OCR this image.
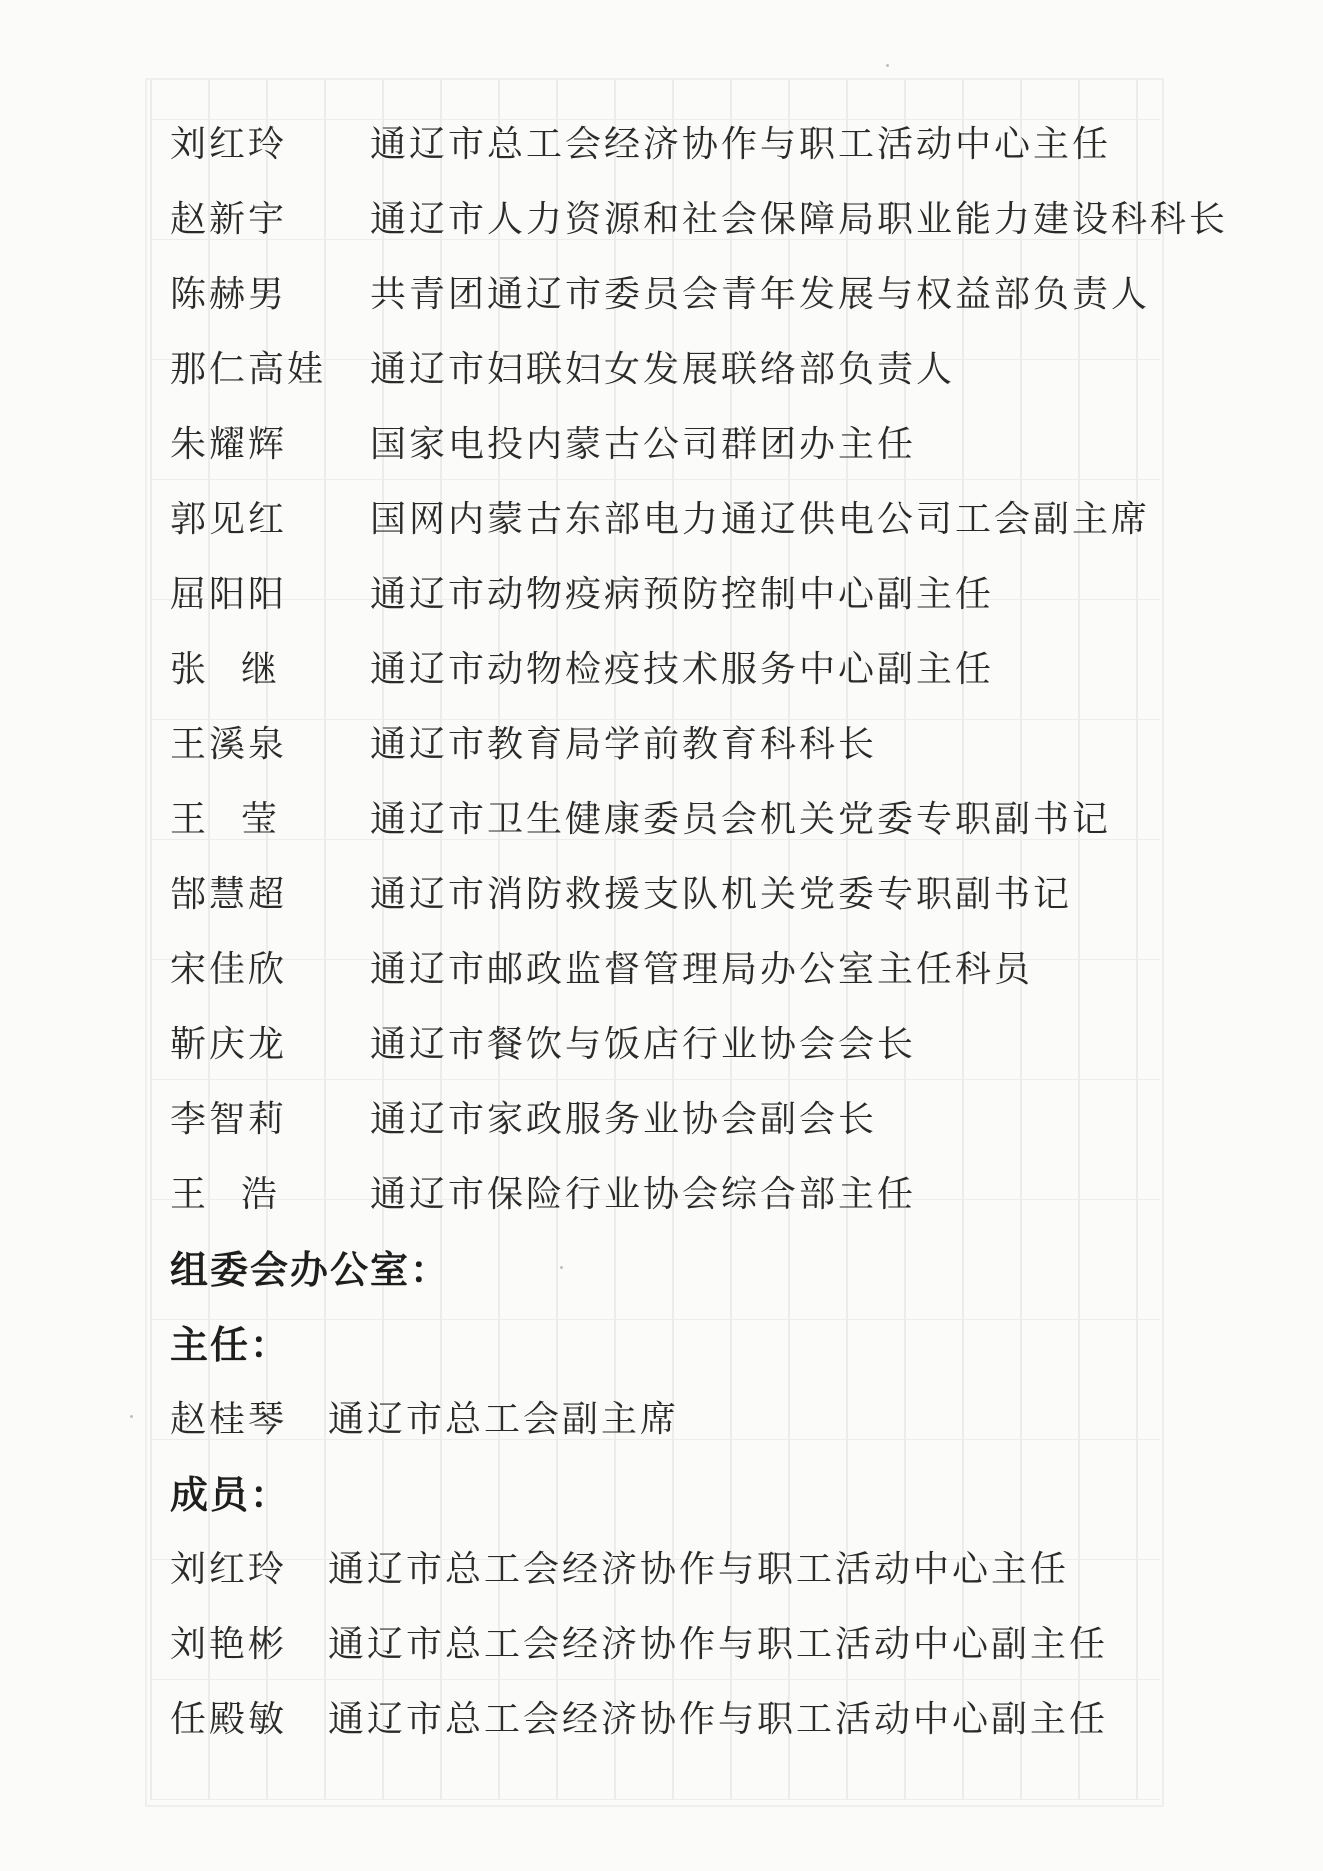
刘红玲	通辽市总工会经济协作与职工活动中心主任
赵新宇	通辽市人力资源和社会保障局职业能力建设科科长
陈赫男	共青团通辽市委员会青年发展与权益部负责人
那仁高娃	通辽市妇联妇女发展联络部负责人
朱耀辉	国家电投内蒙古公司群团办主任
郭见红	国网内蒙古东部电力通辽供电公司工会副主席
屈阳阳	通辽市动物疫病预防控制中心副主任
张 继	通辽市动物检疫技术服务中心副主任
王溪泉	通辽市教育局学前教育科科长
王 莹	通辽市卫生健康委员会机关党委专职副书记
郜慧超	通辽市消防救援支队机关党委专职副书记
宋佳欣	通辽市邮政监督管理局办公室主任科员
靳庆龙	通辽市餐饮与饭店行业协会会长
李智莉	通辽市家政服务业协会副会长
王 浩	通辽市保险行业协会综合部主任
组委会办公室：
主任：
赵桂琴	通辽市总工会副主席
成员：
刘红玲	通辽市总工会经济协作与职工活动中心主任
刘艳彬	通辽市总工会经济协作与职工活动中心副主任
任殿敏	通辽市总工会经济协作与职工活动中心副主任
